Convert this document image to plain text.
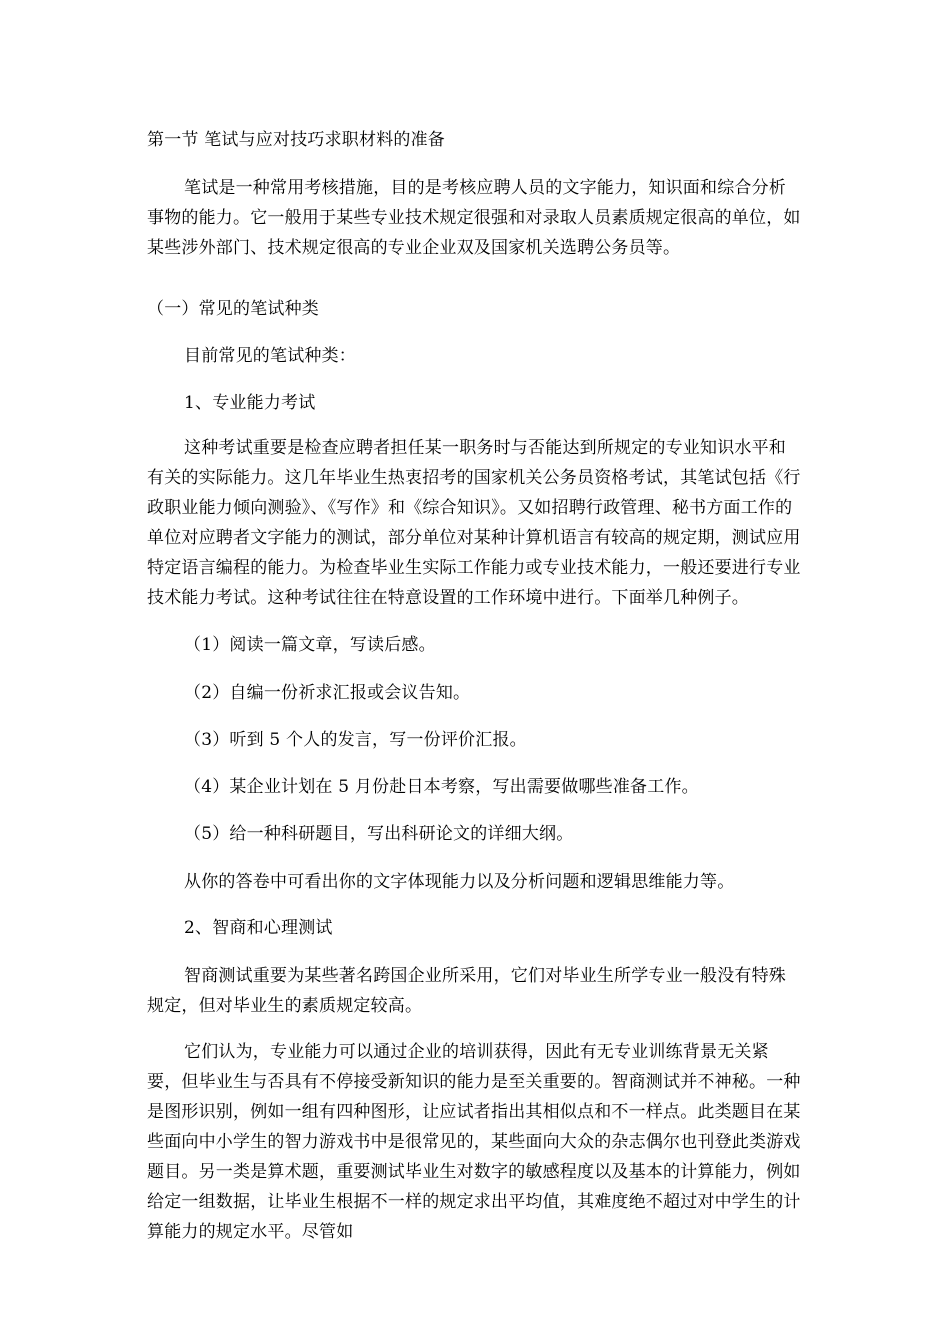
第一节 笔试与应对技巧求职材料的准备
笔试是一种常用考核措施，目的是考核应聘人员的文字能力，知识面和综合分析事物的能力。它一般用于某些专业技术规定很强和对录取人员素质规定很高的单位，如某些涉外部门、技术规定很高的专业企业双及国家机关选聘公务员等。
（一）常见的笔试种类
目前常见的笔试种类：
1、专业能力考试
这种考试重要是检查应聘者担任某一职务时与否能达到所规定的专业知识水平和有关的实际能力。这几年毕业生热衷招考的国家机关公务员资格考试，其笔试包括《行政职业能力倾向测验》、《写作》和《综合知识》。又如招聘行政管理、秘书方面工作的单位对应聘者文字能力的测试，部分单位对某种计算机语言有较高的规定期，测试应用特定语言编程的能力。为检查毕业生实际工作能力或专业技术能力，一般还要进行专业技术能力考试。这种考试往往在特意设置的工作环境中进行。下面举几种例子。
（1）阅读一篇文章，写读后感。
（2）自编一份祈求汇报或会议告知。
（3）听到 5 个人的发言，写一份评价汇报。
（4）某企业计划在 5 月份赴日本考察，写出需要做哪些准备工作。
（5）给一种科研题目，写出科研论文的详细大纲。
从你的答卷中可看出你的文字体现能力以及分析问题和逻辑思维能力等。
2、智商和心理测试
智商测试重要为某些著名跨国企业所采用，它们对毕业生所学专业一般没有特殊规定，但对毕业生的素质规定较高。
它们认为，专业能力可以通过企业的培训获得，因此有无专业训练背景无关紧要，但毕业生与否具有不停接受新知识的能力是至关重要的。智商测试并不神秘。一种是图形识别，例如一组有四种图形，让应试者指出其相似点和不一样点。此类题目在某些面向中小学生的智力游戏书中是很常见的，某些面向大众的杂志偶尔也刊登此类游戏题目。另一类是算术题，重要测试毕业生对数字的敏感程度以及基本的计算能力，例如给定一组数据，让毕业生根据不一样的规定求出平均值，其难度绝不超过对中学生的计算能力的规定水平。尽管如
